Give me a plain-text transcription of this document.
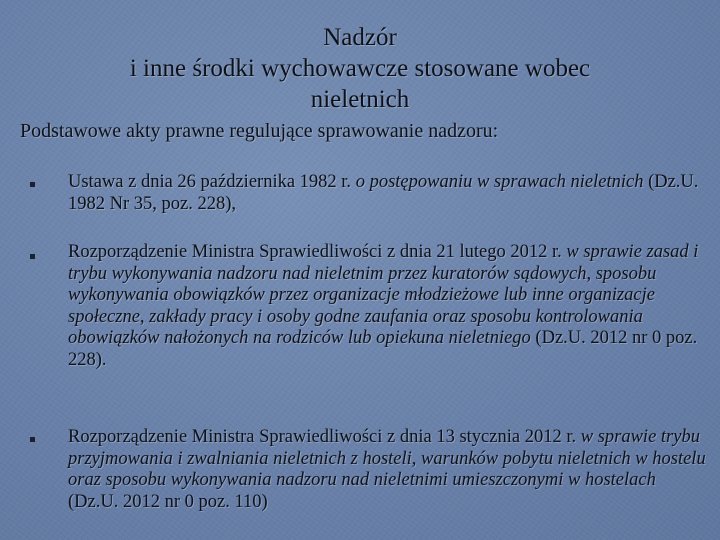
Nadzór
i inne środki wychowawcze stosowane wobec
nieletnich
Podstawowe akty prawne regulujące sprawowanie nadzoru:
Ustawa z dnia 26 października 1982 r. o postępowaniu w sprawach nieletnich (Dz.U. 1982 Nr 35, poz. 228),
Rozporządzenie Ministra Sprawiedliwości z dnia 21 lutego 2012 r. w sprawie zasad i trybu wykonywania nadzoru nad nieletnim przez kuratorów sądowych, sposobu wykonywania obowiązków przez organizacje młodzieżowe lub inne organizacje społeczne, zakłady pracy i osoby godne zaufania oraz sposobu kontrolowania obowiązków nałożonych na rodziców lub opiekuna nieletniego (Dz.U. 2012 nr 0 poz. 228).
Rozporządzenie Ministra Sprawiedliwości z dnia 13 stycznia 2012 r. w sprawie trybu przyjmowania i zwalniania nieletnich z hosteli, warunków pobytu nieletnich w hostelu oraz sposobu wykonywania nadzoru nad nieletnimi umieszczonymi w hostelach (Dz.U. 2012 nr 0 poz. 110)
